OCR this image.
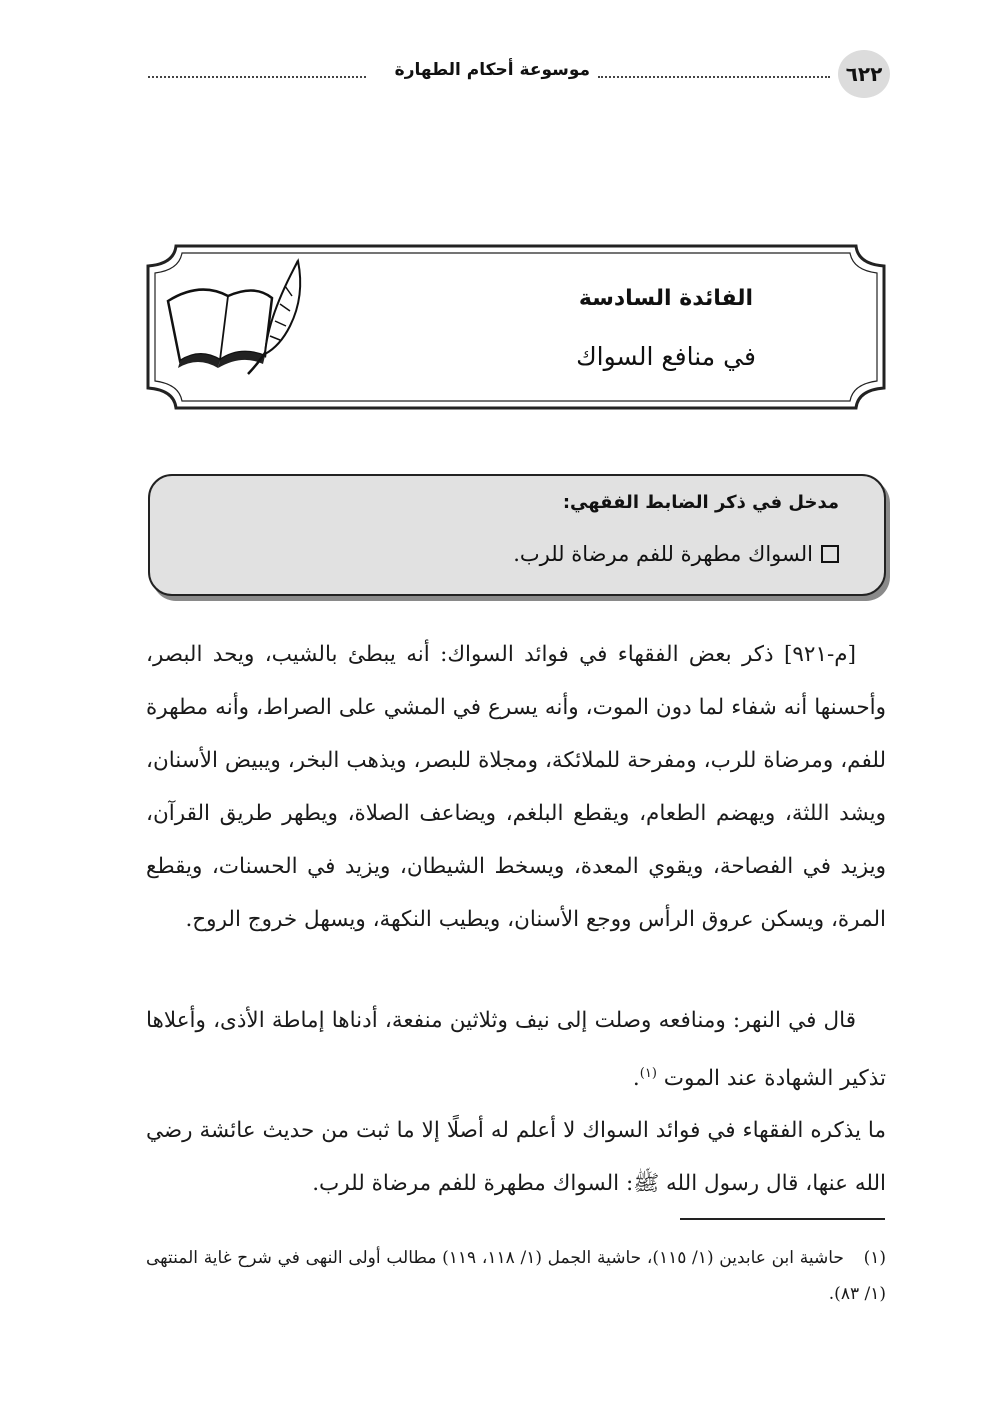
٦٢٢
موسوعة أحكام الطهارة
الفائدة السادسة
في منافع السواك
مدخل في ذكر الضابط الفقهي:
السواك مطهرة للفم مرضاة للرب.
[م-٩٢١] ذكر بعض الفقهاء في فوائد السواك: أنه يبطئ بالشيب، ويحد البصر، وأحسنها أنه شفاء لما دون الموت، وأنه يسرع في المشي على الصراط، وأنه مطهرة للفم، ومرضاة للرب، ومفرحة للملائكة، ومجلاة للبصر، ويذهب البخر، ويبيض الأسنان، ويشد اللثة، ويهضم الطعام، ويقطع البلغم، ويضاعف الصلاة، ويطهر طريق القرآن، ويزيد في الفصاحة، ويقوي المعدة، ويسخط الشيطان، ويزيد في الحسنات، ويقطع المرة، ويسكن عروق الرأس ووجع الأسنان، ويطيب النكهة، ويسهل خروج الروح.
قال في النهر: ومنافعه وصلت إلى نيف وثلاثين منفعة، أدناها إماطة الأذى، وأعلاها تذكير الشهادة عند الموت $^{(١)}$.
ما يذكره الفقهاء في فوائد السواك لا أعلم له أصلًا إلا ما ثبت من حديث عائشة رضي الله عنها، قال رسول الله ﷺ: السواك مطهرة للفم مرضاة للرب.
(١) حاشية ابن عابدين (١/ ١١٥)، حاشية الجمل (١/ ١١٨، ١١٩) مطالب أولى النهى في شرح غاية المنتهى (١/ ٨٣).
